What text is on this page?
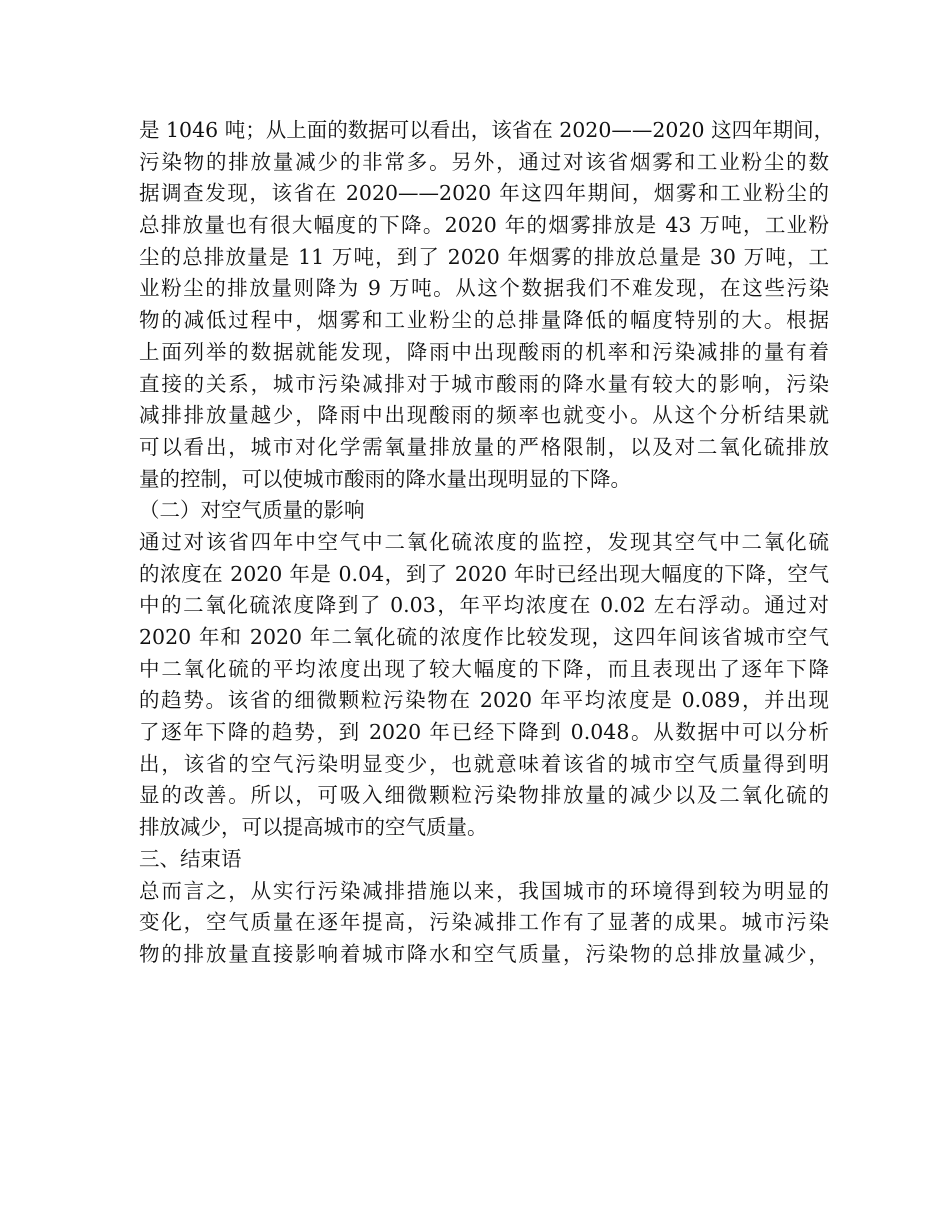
是 1046 吨；从上面的数据可以看出，该省在 2020——2020 这四年期间，
污染物的排放量减少的非常多。另外，通过对该省烟雾和工业粉尘的数
据调查发现，该省在 2020——2020 年这四年期间，烟雾和工业粉尘的
总排放量也有很大幅度的下降。2020 年的烟雾排放是 43 万吨，工业粉
尘的总排放量是 11 万吨，到了 2020 年烟雾的排放总量是 30 万吨，工
业粉尘的排放量则降为 9 万吨。从这个数据我们不难发现，在这些污染
物的减低过程中，烟雾和工业粉尘的总排量降低的幅度特别的大。根据
上面列举的数据就能发现，降雨中出现酸雨的机率和污染减排的量有着
直接的关系，城市污染减排对于城市酸雨的降水量有较大的影响，污染
减排排放量越少，降雨中出现酸雨的频率也就变小。从这个分析结果就
可以看出，城市对化学需氧量排放量的严格限制，以及对二氧化硫排放
量的控制，可以使城市酸雨的降水量出现明显的下降。
（二）对空气质量的影响
通过对该省四年中空气中二氧化硫浓度的监控，发现其空气中二氧化硫
的浓度在 2020 年是 0.04，到了 2020 年时已经出现大幅度的下降，空气
中的二氧化硫浓度降到了 0.03，年平均浓度在 0.02 左右浮动。通过对
2020 年和 2020 年二氧化硫的浓度作比较发现，这四年间该省城市空气
中二氧化硫的平均浓度出现了较大幅度的下降，而且表现出了逐年下降
的趋势。该省的细微颗粒污染物在 2020 年平均浓度是 0.089，并出现
了逐年下降的趋势，到 2020 年已经下降到 0.048。从数据中可以分析
出，该省的空气污染明显变少，也就意味着该省的城市空气质量得到明
显的改善。所以，可吸入细微颗粒污染物排放量的减少以及二氧化硫的
排放减少，可以提高城市的空气质量。
三、结束语
总而言之，从实行污染减排措施以来，我国城市的环境得到较为明显的
变化，空气质量在逐年提高，污染减排工作有了显著的成果。城市污染
物的排放量直接影响着城市降水和空气质量，污染物的总排放量减少，
